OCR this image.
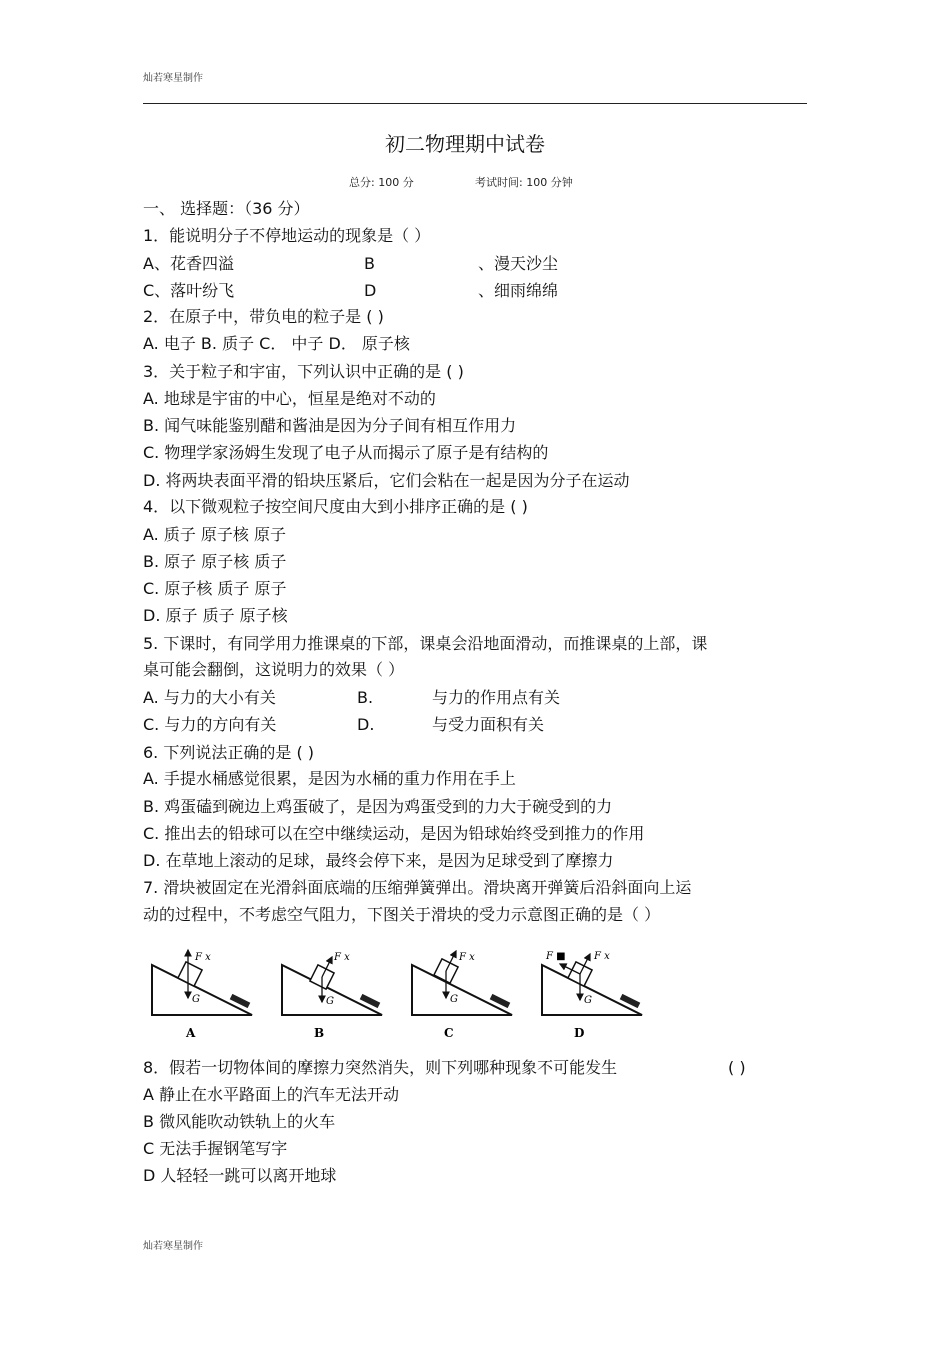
灿若寒星制作
初二物理期中试卷
总分: 100 分	考试时间: 100 分钟
一、 选择题：（36 分）
1．能说明分子不停地运动的现象是（ ）
A、花香四溢	B	、漫天沙尘
C、落叶纷飞	D	、细雨绵绵
2．在原子中，带负电的粒子是 ( )
A. 电子 B. 质子 C． 中子 D． 原子核
3．关于粒子和宇宙，下列认识中正确的是 ( )
A. 地球是宇宙的中心，恒星是绝对不动的
B. 闻气味能鉴别醋和酱油是因为分子间有相互作用力
C. 物理学家汤姆生发现了电子从而揭示了原子是有结构的
D. 将两块表面平滑的铅块压紧后，它们会粘在一起是因为分子在运动
4．以下微观粒子按空间尺度由大到小排序正确的是 ( )
A. 质子 原子核 原子
B. 原子 原子核 质子
C. 原子核 质子 原子
D. 原子 质子 原子核
5. 下课时，有同学用力推课桌的下部，课桌会沿地面滑动，而推课桌的上部，课
桌可能会翻倒，这说明力的效果（ ）
A. 与力的大小有关	B.	与力的作用点有关
C. 与力的方向有关	D.	与受力面积有关
6. 下列说法正确的是 ( )
A. 手提水桶感觉很累，是因为水桶的重力作用在手上
B. 鸡蛋磕到碗边上鸡蛋破了，是因为鸡蛋受到的力大于碗受到的力
C. 推出去的铅球可以在空中继续运动，是因为铅球始终受到推力的作用
D. 在草地上滚动的足球，最终会停下来，是因为足球受到了摩擦力
7. 滑块被固定在光滑斜面底端的压缩弹簧弹出。滑块离开弹簧后沿斜面向上运
动的过程中，不考虑空气阻力，下图关于滑块的受力示意图正确的是（ ）
F x
G
A
F x
G
B
F x
G
C
F x
F ■
G
D
8．假若一切物体间的摩擦力突然消失，则下列哪种现象不可能发生	( )
A 静止在水平路面上的汽车无法开动
B 微风能吹动铁轨上的火车
C 无法手握钢笔写字
D 人轻轻一跳可以离开地球
灿若寒星制作
